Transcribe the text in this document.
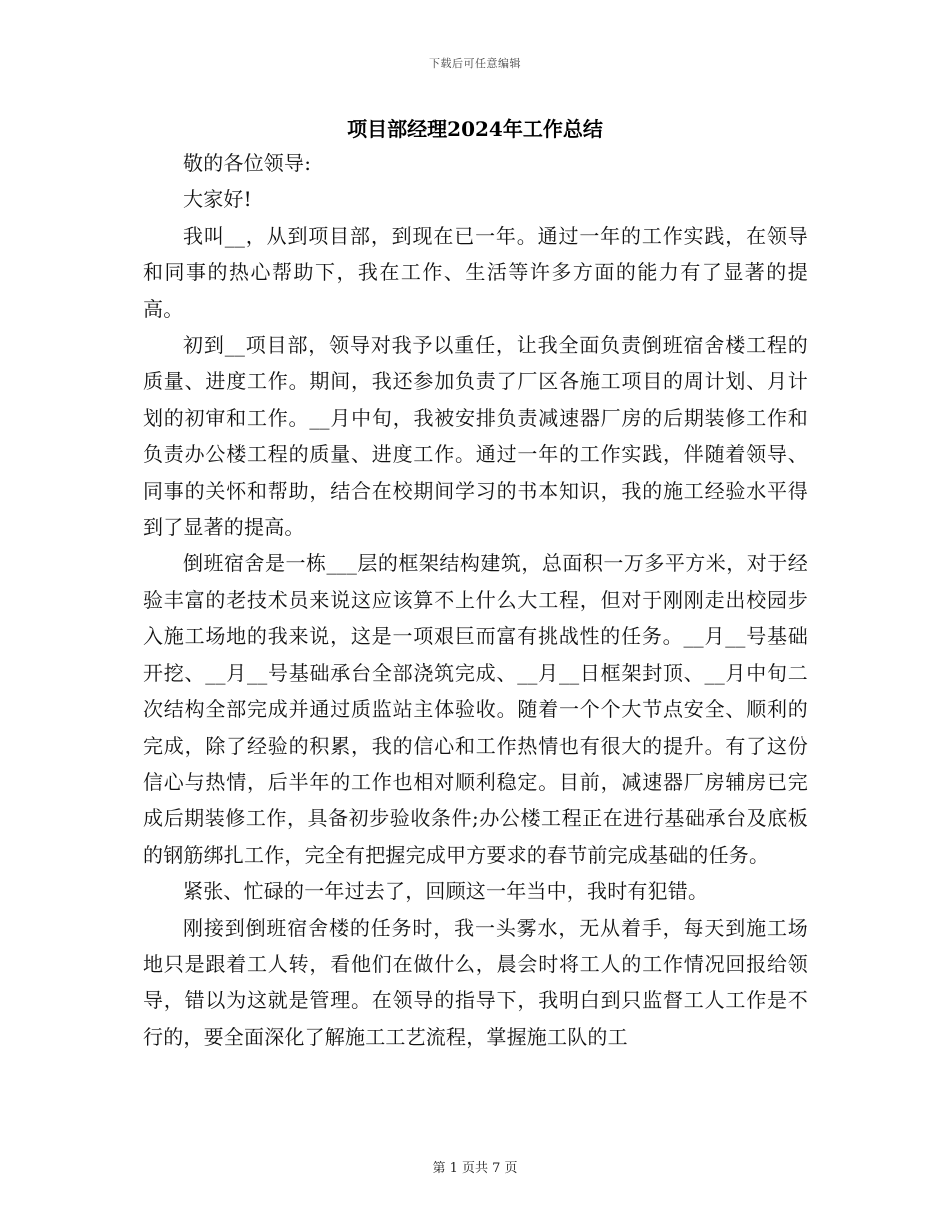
下载后可任意编辑
项目部经理2024年工作总结

敬的各位领导:

大家好!

我叫__，从到项目部，到现在已一年。通过一年的工作实践，在领导和同事的热心帮助下，我在工作、生活等许多方面的能力有了显著的提高。

初到__项目部，领导对我予以重任，让我全面负责倒班宿舍楼工程的质量、进度工作。期间，我还参加负责了厂区各施工项目的周计划、月计划的初审和工作。__月中旬，我被安排负责减速器厂房的后期装修工作和负责办公楼工程的质量、进度工作。通过一年的工作实践，伴随着领导、同事的关怀和帮助，结合在校期间学习的书本知识，我的施工经验水平得到了显著的提高。

倒班宿舍是一栋___层的框架结构建筑，总面积一万多平方米，对于经验丰富的老技术员来说这应该算不上什么大工程，但对于刚刚走出校园步入施工场地的我来说，这是一项艰巨而富有挑战性的任务。__月__号基础开挖、__月__号基础承台全部浇筑完成、__月__日框架封顶、__月中旬二次结构全部完成并通过质监站主体验收。随着一个个大节点安全、顺利的完成，除了经验的积累，我的信心和工作热情也有很大的提升。有了这份信心与热情，后半年的工作也相对顺利稳定。目前，减速器厂房辅房已完成后期装修工作，具备初步验收条件;办公楼工程正在进行基础承台及底板的钢筋绑扎工作，完全有把握完成甲方要求的春节前完成基础的任务。

紧张、忙碌的一年过去了，回顾这一年当中，我时有犯错。

刚接到倒班宿舍楼的任务时，我一头雾水，无从着手，每天到施工场地只是跟着工人转，看他们在做什么，晨会时将工人的工作情况回报给领导，错以为这就是管理。在领导的指导下，我明白到只监督工人工作是不行的，要全面深化了解施工工艺流程，掌握施工队的工

第 1 页共 7 页
